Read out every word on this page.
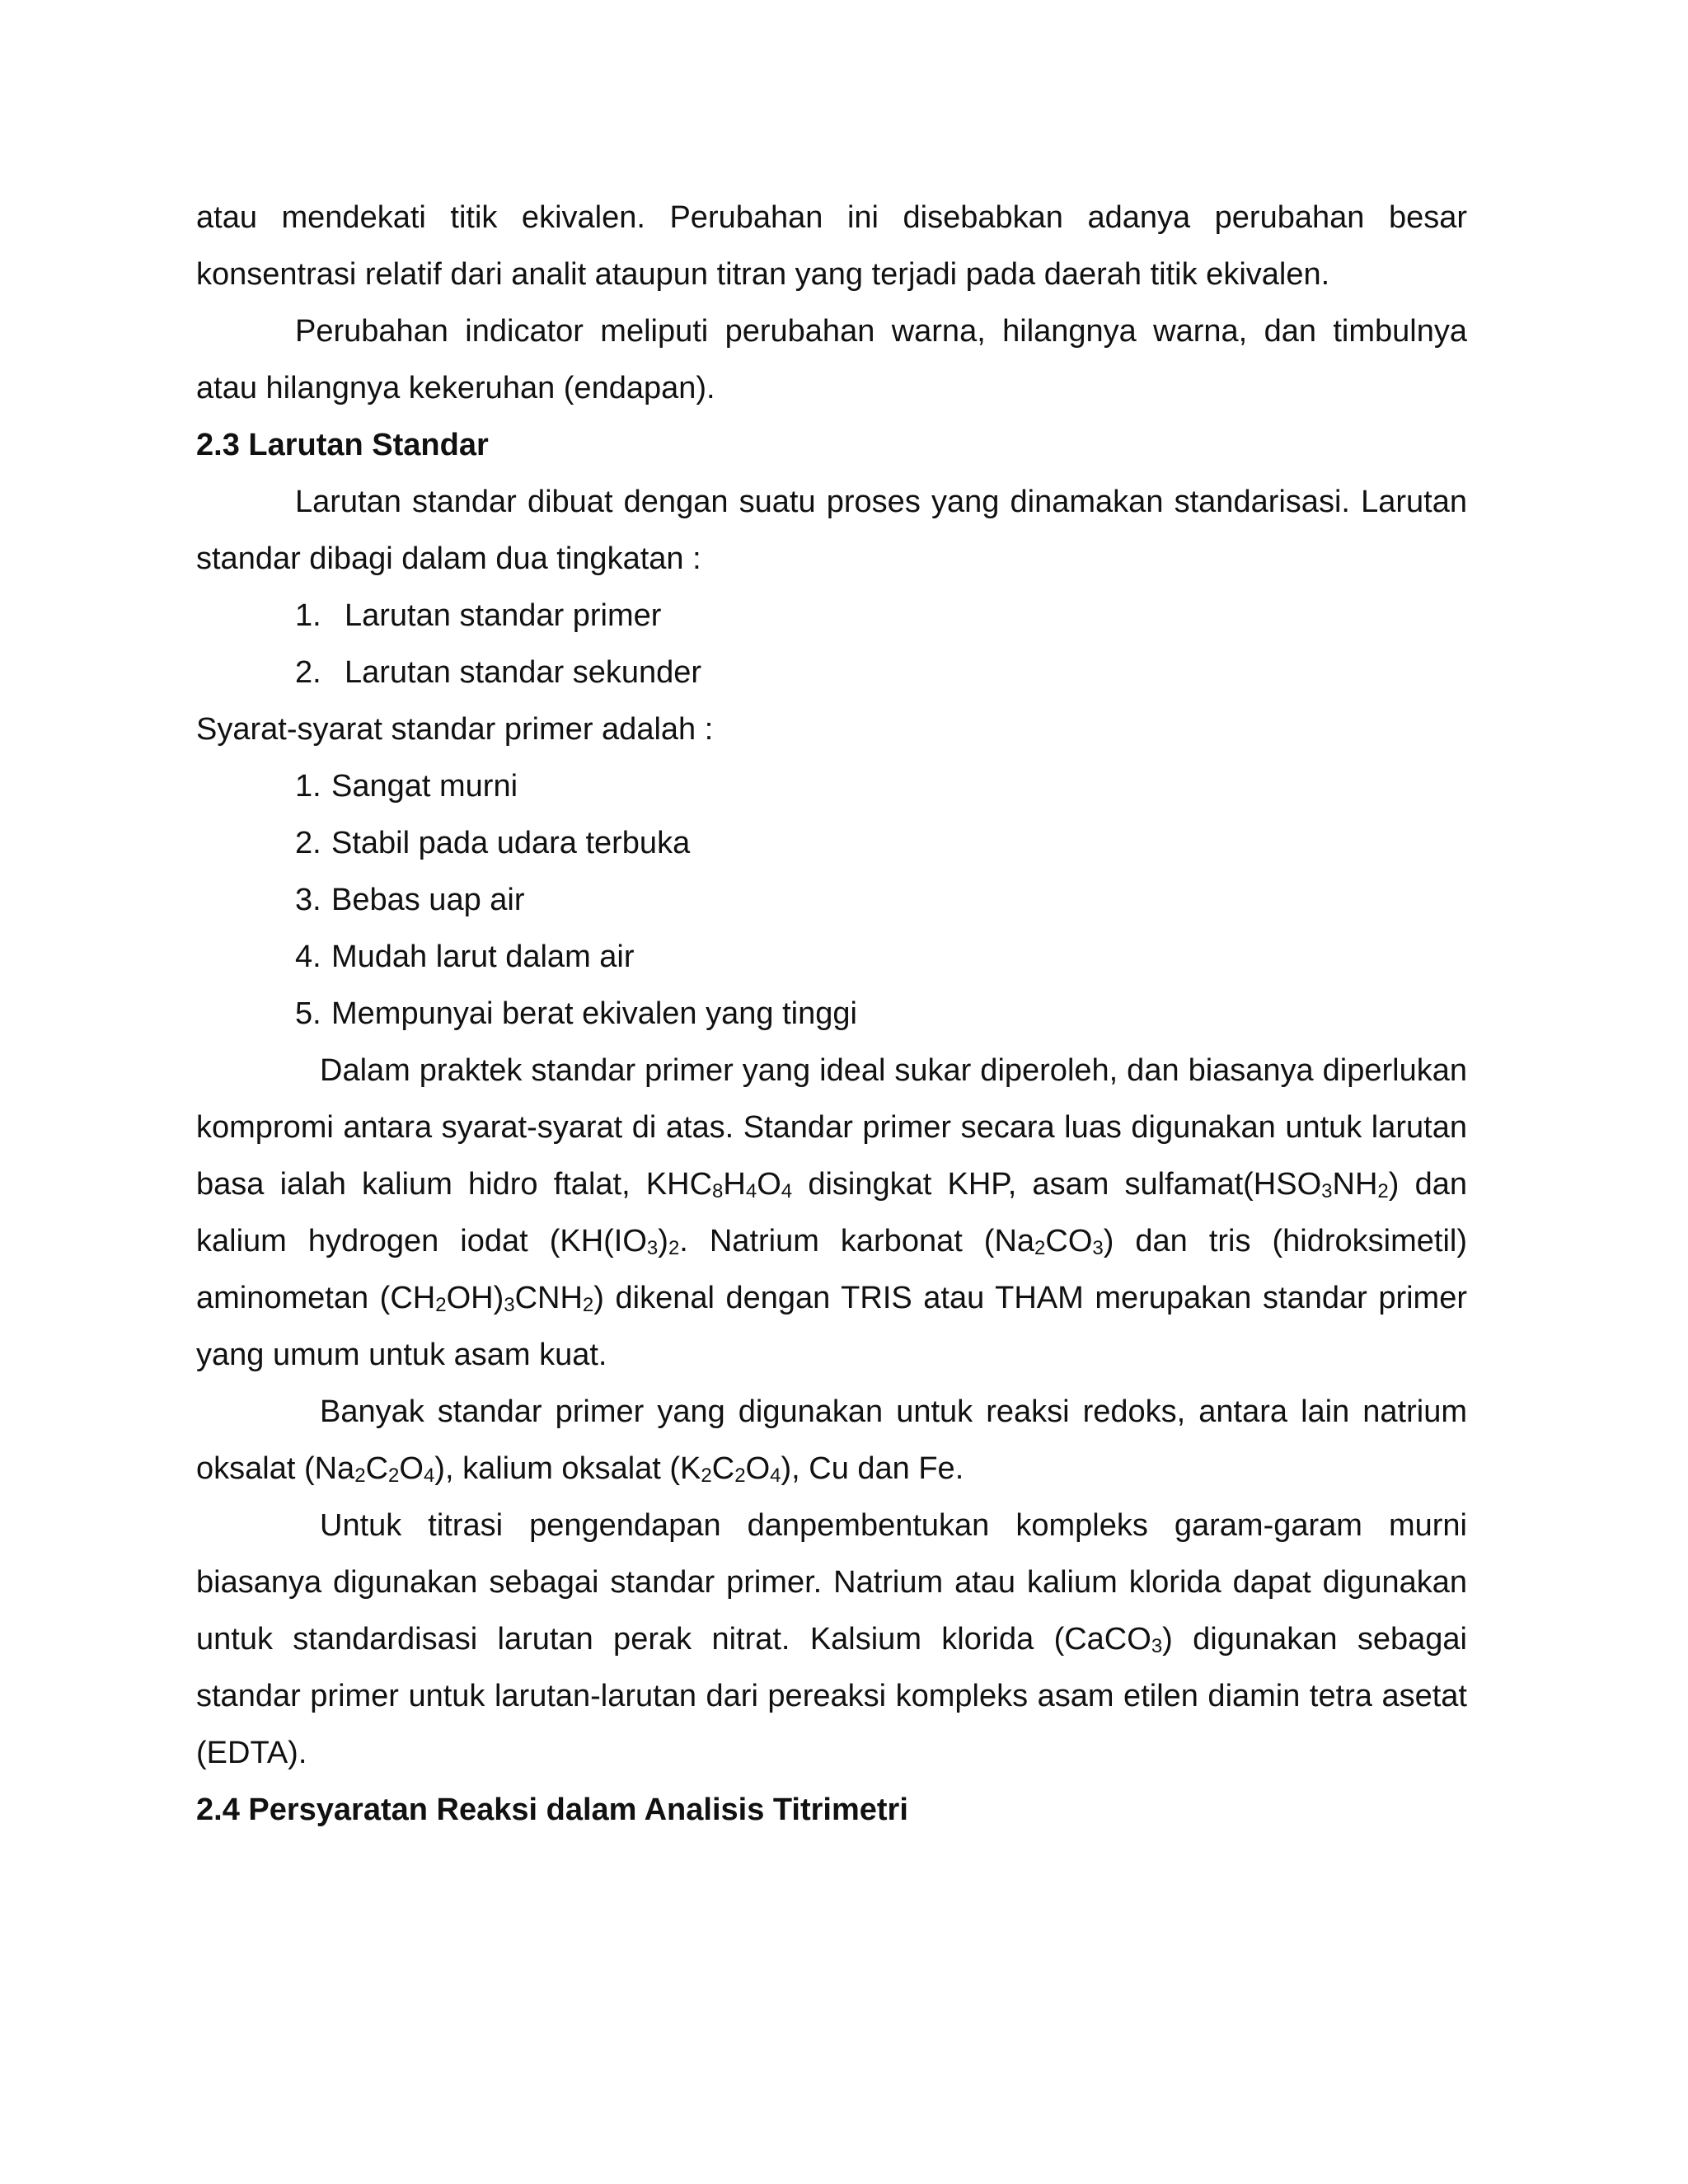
atau mendekati titik ekivalen. Perubahan ini disebabkan adanya perubahan besar konsentrasi relatif dari analit ataupun titran yang terjadi pada daerah titik ekivalen.

Perubahan indicator meliputi perubahan warna, hilangnya warna, dan timbulnya atau hilangnya kekeruhan (endapan).

2.3 Larutan Standar

Larutan standar dibuat dengan suatu proses yang dinamakan standarisasi. Larutan standar dibagi dalam dua tingkatan :

1. Larutan standar primer
2. Larutan standar sekunder

Syarat-syarat standar primer adalah :

1. Sangat murni
2. Stabil pada udara terbuka
3. Bebas uap air
4. Mudah larut dalam air
5. Mempunyai berat ekivalen yang tinggi

Dalam praktek standar primer yang ideal sukar diperoleh, dan biasanya diperlukan kompromi antara syarat-syarat di atas. Standar primer secara luas digunakan untuk larutan basa ialah kalium hidro ftalat, $KHC_8H_4O_4$ disingkat KHP, asam $sulfamat(HSO_3NH_2)$ dan kalium hydrogen iodat ($KH(IO_3)_2$. Natrium karbonat $(Na_2CO_3)$ dan tris (hidroksimetil) aminometan $(CH_2OH)_3CNH_2$) dikenal dengan TRIS atau THAM merupakan standar primer yang umum untuk asam kuat.

Banyak standar primer yang digunakan untuk reaksi redoks, antara lain natrium oksalat $(Na_2C_2O_4)$, kalium oksalat $(K_2C_2O_4)$, Cu dan Fe.

Untuk titrasi pengendapan danpembentukan kompleks garam-garam murni biasanya digunakan sebagai standar primer. Natrium atau kalium klorida dapat digunakan untuk standardisasi larutan perak nitrat. Kalsium klorida (CaCO$_3$) digunakan sebagai standar primer untuk larutan-larutan dari pereaksi kompleks asam etilen diamin tetra asetat (EDTA).

2.4 Persyaratan Reaksi dalam Analisis Titrimetri
